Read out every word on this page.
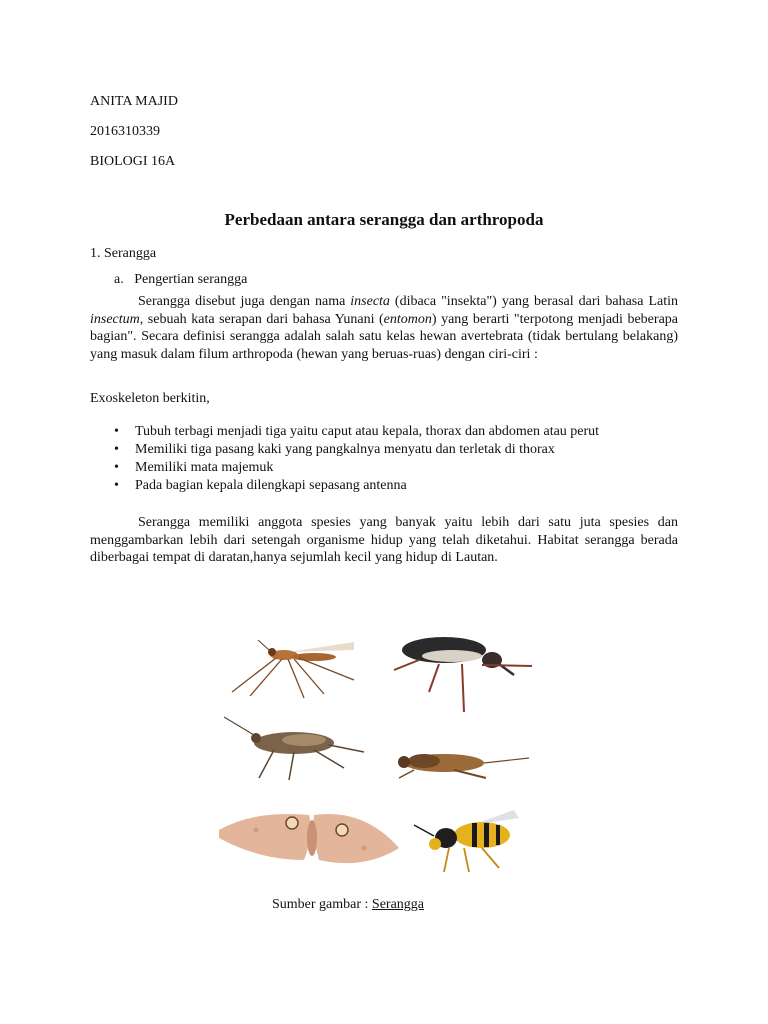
ANITA MAJID
2016310339
BIOLOGI 16A
Perbedaan antara serangga dan arthropoda
1. Serangga
a.   Pengertian serangga

Serangga disebut juga dengan nama insecta (dibaca "insekta") yang berasal dari bahasa Latin insectum, sebuah kata serapan dari bahasa Yunani (entomon) yang berarti "terpotong menjadi beberapa bagian". Secara definisi serangga adalah salah satu kelas hewan avertebrata (tidak bertulang belakang) yang masuk dalam filum arthropoda (hewan yang beruas-ruas) dengan ciri-ciri :

Exoskeleton berkitin,
• Tubuh terbagi menjadi tiga yaitu caput atau kepala, thorax dan abdomen atau perut
• Memiliki tiga pasang kaki yang pangkalnya menyatu dan terletak di thorax
• Memiliki mata majemuk
• Pada bagian kepala dilengkapi sepasang antenna

Serangga memiliki anggota spesies yang banyak yaitu lebih dari satu juta spesies dan menggambarkan lebih dari setengah organisme hidup yang telah diketahui. Habitat serangga berada diberbagai tempat di daratan,hanya sejumlah kecil yang hidup di Lautan.

Sumber gambar : Serangga
